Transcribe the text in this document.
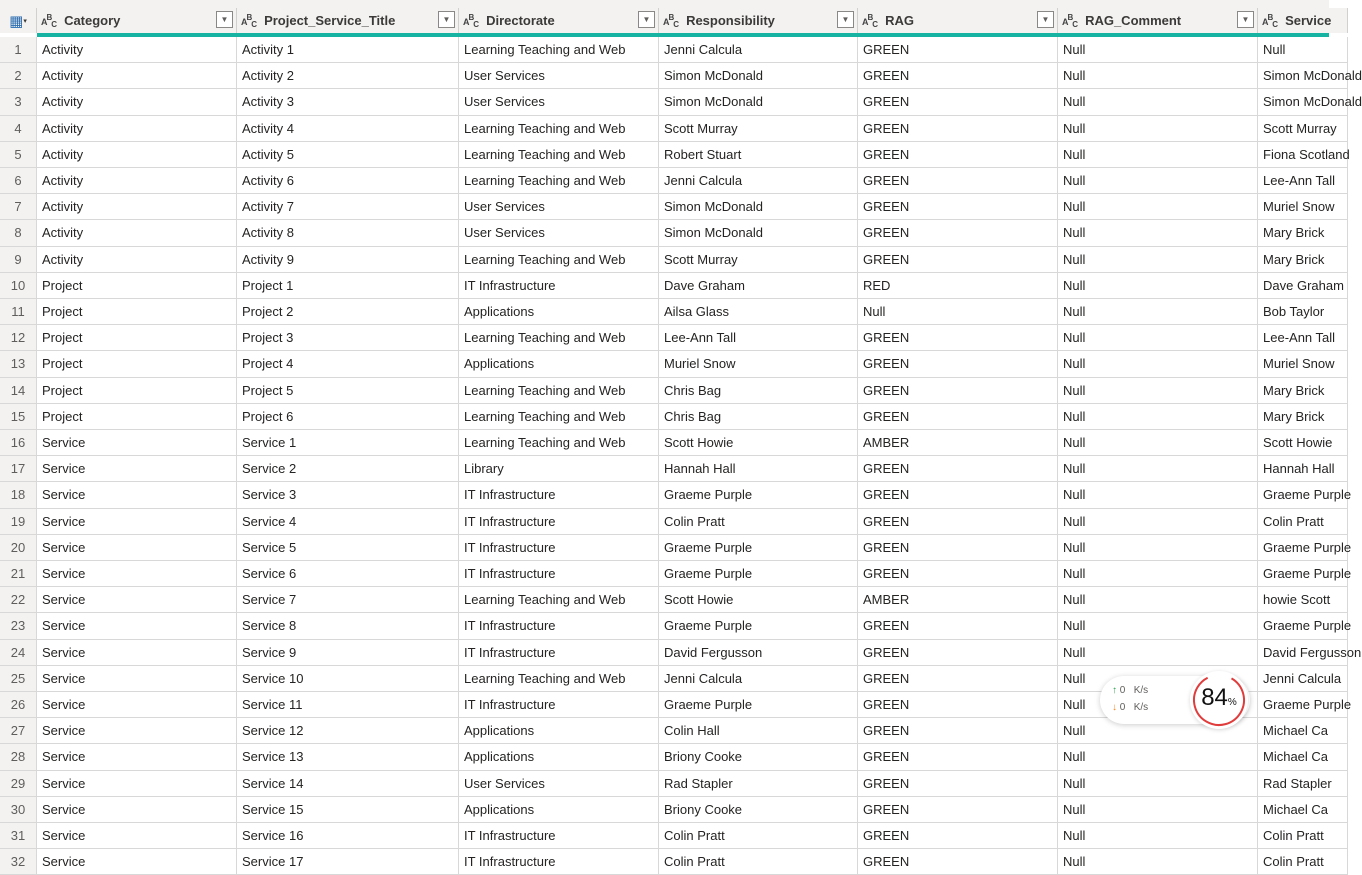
▦ ▾ $A^B_C$ Category	▼	$A^B_C$ Project_Service_Title	▼	$A^B_C$ Directorate	▼	$A^B_C$ Responsibility	▼	$A^B_C$ RAG	▼	$A^B_C$ RAG_Comment	▼	$A^B_C$ Service
1	Activity	Activity 1	Learning Teaching and Web	Jenni Calcula	GREEN	Null	Null
2	Activity	Activity 2	User Services	Simon McDonald	GREEN	Null	Simon McDonald
3	Activity	Activity 3	User Services	Simon McDonald	GREEN	Null	Simon McDonald
4	Activity	Activity 4	Learning Teaching and Web	Scott Murray	GREEN	Null	Scott Murray
5	Activity	Activity 5	Learning Teaching and Web	Robert Stuart	GREEN	Null	Fiona Scotland
6	Activity	Activity 6	Learning Teaching and Web	Jenni Calcula	GREEN	Null	Lee-Ann Tall
7	Activity	Activity 7	User Services	Simon McDonald	GREEN	Null	Muriel Snow
8	Activity	Activity 8	User Services	Simon McDonald	GREEN	Null	Mary Brick
9	Activity	Activity 9	Learning Teaching and Web	Scott Murray	GREEN	Null	Mary Brick
10	Project	Project 1	IT Infrastructure	Dave Graham	RED	Null	Dave Graham
11	Project	Project 2	Applications	Ailsa Glass	Null	Null	Bob Taylor
12	Project	Project 3	Learning Teaching and Web	Lee-Ann Tall	GREEN	Null	Lee-Ann Tall
13	Project	Project 4	Applications	Muriel Snow	GREEN	Null	Muriel Snow
14	Project	Project 5	Learning Teaching and Web	Chris Bag	GREEN	Null	Mary Brick
15	Project	Project 6	Learning Teaching and Web	Chris Bag	GREEN	Null	Mary Brick
16	Service	Service 1	Learning Teaching and Web	Scott Howie	AMBER	Null	Scott Howie
17	Service	Service 2	Library	Hannah Hall	GREEN	Null	Hannah Hall
18	Service	Service 3	IT Infrastructure	Graeme Purple	GREEN	Null	Graeme Purple
19	Service	Service 4	IT Infrastructure	Colin Pratt	GREEN	Null	Colin Pratt
20	Service	Service 5	IT Infrastructure	Graeme Purple	GREEN	Null	Graeme Purple
21	Service	Service 6	IT Infrastructure	Graeme Purple	GREEN	Null	Graeme Purple
22	Service	Service 7	Learning Teaching and Web	Scott Howie	AMBER	Null	howie Scott
23	Service	Service 8	IT Infrastructure	Graeme Purple	GREEN	Null	Graeme Purple
24	Service	Service 9	IT Infrastructure	David Fergusson	GREEN	Null	David Fergusson
25	Service	Service 10	Learning Teaching and Web	Jenni Calcula	GREEN	Null	Jenni Calcula
26	Service	Service 11	IT Infrastructure	Graeme Purple	GREEN	Null	Graeme Purple
27	Service	Service 12	Applications	Colin Hall	GREEN	Null	Michael Ca
28	Service	Service 13	Applications	Briony Cooke	GREEN	Null	Michael Ca
29	Service	Service 14	User Services	Rad Stapler	GREEN	Null	Rad Stapler
30	Service	Service 15	Applications	Briony Cooke	GREEN	Null	Michael Ca
31	Service	Service 16	IT Infrastructure	Colin Pratt	GREEN	Null	Colin Pratt
32	Service	Service 17	IT Infrastructure	Colin Pratt	GREEN	Null	Colin Pratt
↑ 0 K/s
↓ 0 K/s	84%
